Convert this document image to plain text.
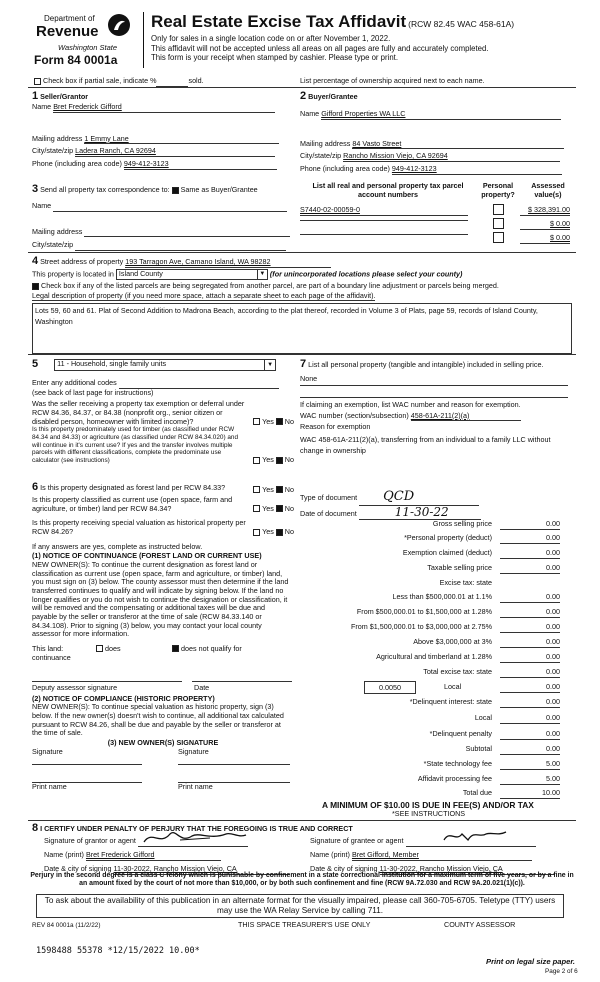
Department of
Revenue
Washington State
Form 84 0001a
Real Estate Excise Tax Affidavit (RCW 82.45 WAC 458-61A)
Only for sales in a single location code on or after November 1, 2022.
This affidavit will not be accepted unless all areas on all pages are fully and accurately completed.
This form is your receipt when stamped by cashier. Please type or print.
Check box if partial sale, indicate %	sold.	List percentage of ownership acquired next to each name.
1 Seller/Grantor
Name Bret Frederick Gifford
Mailing address 1 Emmy Lane
City/state/zip Ladera Ranch, CA 92694
Phone (including area code) 949-412-3123
2 Buyer/Grantee
Name Gifford Properties WA LLC
Mailing address 84 Vasto Street
City/state/zip Rancho Mission Viejo, CA 92694
Phone (including area code) 949-412-3123
3 Send all property tax correspondence to: Same as Buyer/Grantee
Name
Mailing address
City/state/zip
List all real and personal property tax parcel account numbers
Personal property?
Assessed value(s)
S7440-02-00059-0	$ 328,391.00
$ 0.00
$ 0.00
4 Street address of property 193 Tarragon Ave, Camano Island, WA 98282
This property is located in Island County	▼ (for unincorporated locations please select your county)
Check box if any of the listed parcels are being segregated from another parcel, are part of a boundary line adjustment or parcels being merged.
Legal description of property (if you need more space, attach a separate sheet to each page of the affidavit).
Lots 59, 60 and 61. Plat of Second Addition to Madrona Beach, according to the plat thereof, recorded in Volume 3 of Plats, page 59, records of Island County, Washington
5	11 - Household, single family units	▼
Enter any additional codes
(see back of last page for instructions)
Was the seller receiving a property tax exemption or deferral under RCW 84.36, 84.37, or 84.38 (nonprofit org., senior citizen or disabled person, homeowner with limited income)?	Yes No
Is this property predominately used for timber (as classified under RCW 84.34 and 84.33) or agriculture (as classified under RCW 84.34.020) and will continue in it's current use? If yes and the transfer involves multiple parcels with different classifications, complete the predominate use calculator (see instructions)	Yes No
7 List all personal property (tangible and intangible) included in selling price.
None
If claiming an exemption, list WAC number and reason for exemption.
WAC number (section/subsection) 458-61A-211(2)(a)
Reason for exemption
WAC 458-61A-211(2)(a), transferring from an individual to a family LLC without change in ownership
6 Is this property designated as forest land per RCW 84.33?	Yes No
Is this property classified as current use (open space, farm and agriculture, or timber) land per RCW 84.34?	Yes No
Is this property receiving special valuation as historical property per RCW 84.26?	Yes No
If any answers are yes, complete as instructed below.
(1) NOTICE OF CONTINUANCE (FOREST LAND OR CURRENT USE)
NEW OWNER(S): To continue the current designation as forest land or classification as current use (open space, farm and agriculture, or timber) land, you must sign on (3) below. The county assessor must then determine if the land transferred continues to qualify and will indicate by signing below. If the land no longer qualifies or you do not wish to continue the designation or classification, it will be removed and the compensating or additional taxes will be due and payable by the seller or transferor at the time of sale (RCW 84.33.140 or 84.34.108). Prior to signing (3) below, you may contact your local county assessor for more information.
This land:	does	does not qualify for
continuance
Deputy assessor signature	Date
(2) NOTICE OF COMPLIANCE (HISTORIC PROPERTY)
NEW OWNER(S): To continue special valuation as historic property, sign (3) below. If the new owner(s) doesn't wish to continue, all additional tax calculated pursuant to RCW 84.26, shall be due and payable by the seller or transferor at the time of sale.
(3) NEW OWNER(S) SIGNATURE
Signature	Signature
Print name	Print name
Type of document QCD
Date of document	11-30-22
Gross selling price	0.00
*Personal property (deduct)	0.00
Exemption claimed (deduct)	0.00
Taxable selling price	0.00
Excise tax: state
Less than $500,000.01 at 1.1%	0.00
From $500,000.01 to $1,500,000 at 1.28%	0.00
From $1,500,000.01 to $3,000,000 at 2.75%	0.00
Above $3,000,000 at 3%	0.00
Agricultural and timberland at 1.28%	0.00
Total excise tax: state	0.00
0.0050	Local	0.00
*Delinquent interest: state	0.00
Local	0.00
*Delinquent penalty	0.00
Subtotal	0.00
*State technology fee	5.00
Affidavit processing fee	5.00
Total due	10.00
A MINIMUM OF $10.00 IS DUE IN FEE(S) AND/OR TAX
*SEE INSTRUCTIONS
8 I CERTIFY UNDER PENALTY OF PERJURY THAT THE FOREGOING IS TRUE AND CORRECT
Signature of grantor or agent
Name (print) Bret Frederick Gifford
Date & city of signing 11-30-2022, Rancho Mission Viejo, CA
Signature of grantee or agent
Name (print) Bret Gifford, Member
Date & city of signing 11-30-2022, Rancho Mission Viejo, CA
Perjury in the second degree is a class C felony which is punishable by confinement in a state correctional institution for a maximum term of five years, or by a fine in an amount fixed by the court of not more than $10,000, or by both such confinement and fine (RCW 9A.72.030 and RCW 9A.20.021(1)(c)).
To ask about the availability of this publication in an alternate format for the visually impaired, please call 360-705-6705. Teletype (TTY) users may use the WA Relay Service by calling 711.
REV 84 0001a (11/2/22)	THIS SPACE TREASURER'S USE ONLY	COUNTY ASSESSOR
1598488 55378 *12/15/2022 10.00*
Print on legal size paper.
Page 2 of 6
